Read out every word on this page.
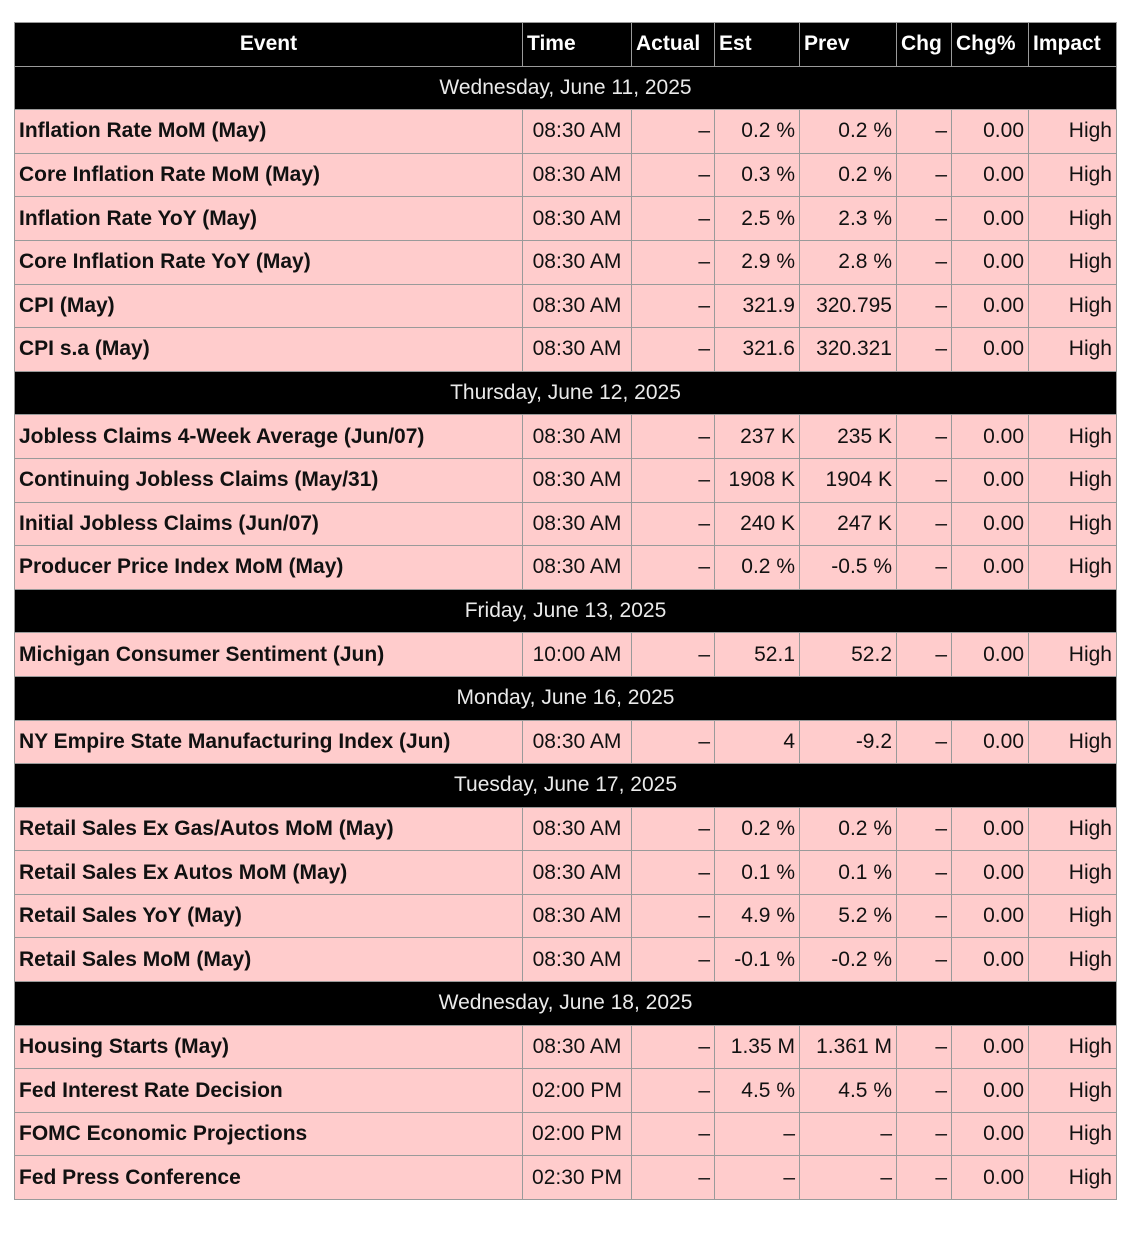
Event	Time	Actual	Est	Prev	Chg	Chg%	Impact
Wednesday, June 11, 2025							
Inflation Rate MoM (May)	08:30 AM	–	0.2 %	0.2 %	–	0.00	High
Core Inflation Rate MoM (May)	08:30 AM	–	0.3 %	0.2 %	–	0.00	High
Inflation Rate YoY (May)	08:30 AM	–	2.5 %	2.3 %	–	0.00	High
Core Inflation Rate YoY (May)	08:30 AM	–	2.9 %	2.8 %	–	0.00	High
CPI (May)	08:30 AM	–	321.9	320.795	–	0.00	High
CPI s.a (May)	08:30 AM	–	321.6	320.321	–	0.00	High
Thursday, June 12, 2025							
Jobless Claims 4-Week Average (Jun/07)	08:30 AM	–	237 K	235 K	–	0.00	High
Continuing Jobless Claims (May/31)	08:30 AM	–	1908 K	1904 K	–	0.00	High
Initial Jobless Claims (Jun/07)	08:30 AM	–	240 K	247 K	–	0.00	High
Producer Price Index MoM (May)	08:30 AM	–	0.2 %	-0.5 %	–	0.00	High
Friday, June 13, 2025							
Michigan Consumer Sentiment (Jun)	10:00 AM	–	52.1	52.2	–	0.00	High
Monday, June 16, 2025							
NY Empire State Manufacturing Index (Jun)	08:30 AM	–	4	-9.2	–	0.00	High
Tuesday, June 17, 2025							
Retail Sales Ex Gas/Autos MoM (May)	08:30 AM	–	0.2 %	0.2 %	–	0.00	High
Retail Sales Ex Autos MoM (May)	08:30 AM	–	0.1 %	0.1 %	–	0.00	High
Retail Sales YoY (May)	08:30 AM	–	4.9 %	5.2 %	–	0.00	High
Retail Sales MoM (May)	08:30 AM	–	-0.1 %	-0.2 %	–	0.00	High
Wednesday, June 18, 2025							
Housing Starts (May)	08:30 AM	–	1.35 M	1.361 M	–	0.00	High
Fed Interest Rate Decision	02:00 PM	–	4.5 %	4.5 %	–	0.00	High
FOMC Economic Projections	02:00 PM	–	–	–	–	0.00	High
Fed Press Conference	02:30 PM	–	–	–	–	0.00	High
